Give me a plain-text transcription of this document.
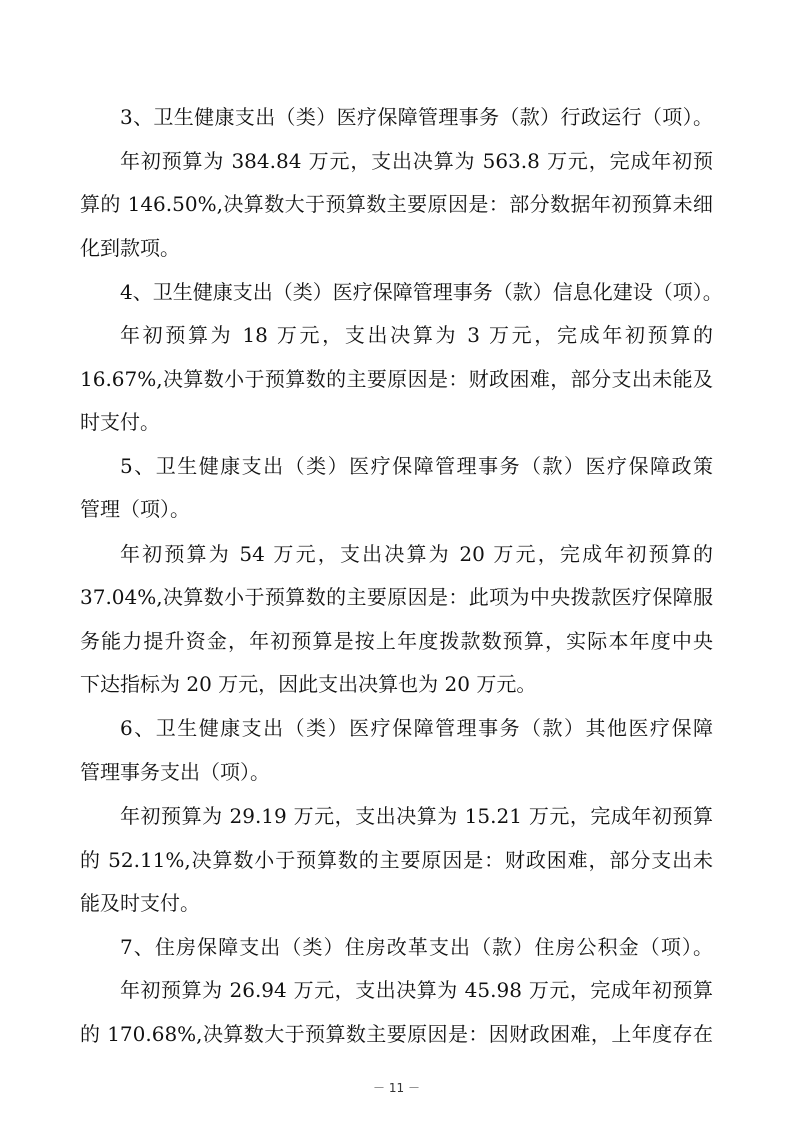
3、卫生健康支出（类）医疗保障管理事务（款）行政运行（项）。
年初预算为 384.84 万元，支出决算为 563.8 万元，完成年初预
算的 146.50%,决算数大于预算数主要原因是：部分数据年初预算未细
化到款项。
4、卫生健康支出（类）医疗保障管理事务（款）信息化建设（项）。
年初预算为 18 万元，支出决算为 3 万元，完成年初预算的
16.67%,决算数小于预算数的主要原因是：财政困难，部分支出未能及
时支付。
5、卫生健康支出（类）医疗保障管理事务（款）医疗保障政策
管理（项）。
年初预算为 54 万元，支出决算为 20 万元，完成年初预算的
37.04%,决算数小于预算数的主要原因是：此项为中央拨款医疗保障服
务能力提升资金，年初预算是按上年度拨款数预算，实际本年度中央
下达指标为 20 万元，因此支出决算也为 20 万元。
6、卫生健康支出（类）医疗保障管理事务（款）其他医疗保障
管理事务支出（项）。
年初预算为 29.19 万元，支出决算为 15.21 万元，完成年初预算
的 52.11%,决算数小于预算数的主要原因是：财政困难，部分支出未
能及时支付。
7、住房保障支出（类）住房改革支出（款）住房公积金（项）。
年初预算为 26.94 万元，支出决算为 45.98 万元，完成年初预算
的 170.68%,决算数大于预算数主要原因是：因财政困难，上年度存在
－ 11 －
